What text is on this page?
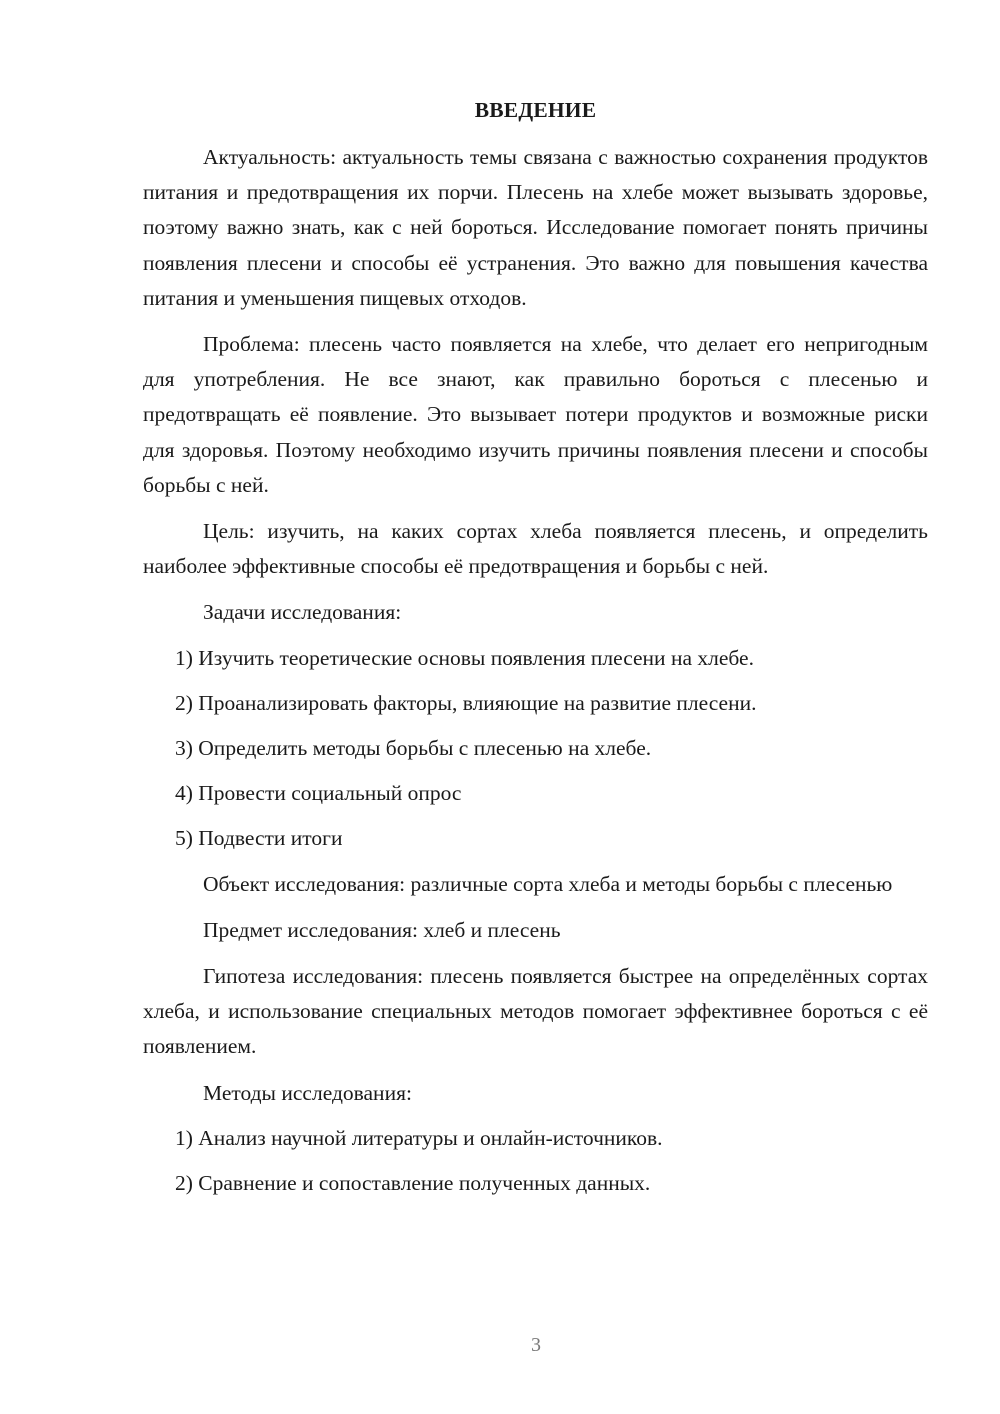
ВВЕДЕНИЕ

Актуальность: актуальность темы связана с важностью сохранения продуктов питания и предотвращения их порчи. Плесень на хлебе может вызывать здоровье, поэтому важно знать, как с ней бороться. Исследование помогает понять причины появления плесени и способы её устранения. Это важно для повышения качества питания и уменьшения пищевых отходов.

Проблема: плесень часто появляется на хлебе, что делает его непригодным для употребления. Не все знают, как правильно бороться с плесенью и предотвращать её появление. Это вызывает потери продуктов и возможные риски для здоровья. Поэтому необходимо изучить причины появления плесени и способы борьбы с ней.

Цель: изучить, на каких сортах хлеба появляется плесень, и определить наиболее эффективные способы её предотвращения и борьбы с ней.

Задачи исследования:

1) Изучить теоретические основы появления плесени на хлебе.
2) Проанализировать факторы, влияющие на развитие плесени.
3) Определить методы борьбы с плесенью на хлебе.
4) Провести социальный опрос
5) Подвести итоги

Объект исследования: различные сорта хлеба и методы борьбы с плесенью

Предмет исследования: хлеб и плесень

Гипотеза исследования: плесень появляется быстрее на определённых сортах хлеба, и использование специальных методов помогает эффективнее бороться с её появлением.

Методы исследования:

1) Анализ научной литературы и онлайн-источников.
2) Сравнение и сопоставление полученных данных.
3
